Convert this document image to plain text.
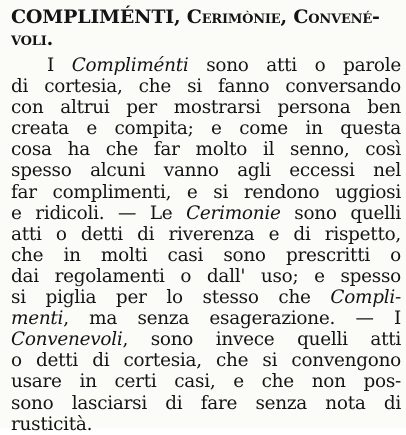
COMPLIMÉNTI, Cerimònie, Convené-
voli.
I Compliménti sono atti o parole
di cortesia, che si fanno conversando
con altrui per mostrarsi persona ben
creata e compita; e come in questa
cosa ha che far molto il senno, così
spesso alcuni vanno agli eccessi nel
far complimenti, e si rendono uggiosi
e ridicoli. — Le Cerimonie sono quelli
atti o detti di riverenza e di rispetto,
che in molti casi sono prescritti o
dai regolamenti o dall' uso; e spesso
si piglia per lo stesso che Compli-
menti, ma senza esagerazione. — I
Convenevoli, sono invece quelli atti
o detti di cortesia, che si convengono
usare in certi casi, e che non pos-
sono lasciarsi di fare senza nota di
rusticità.
